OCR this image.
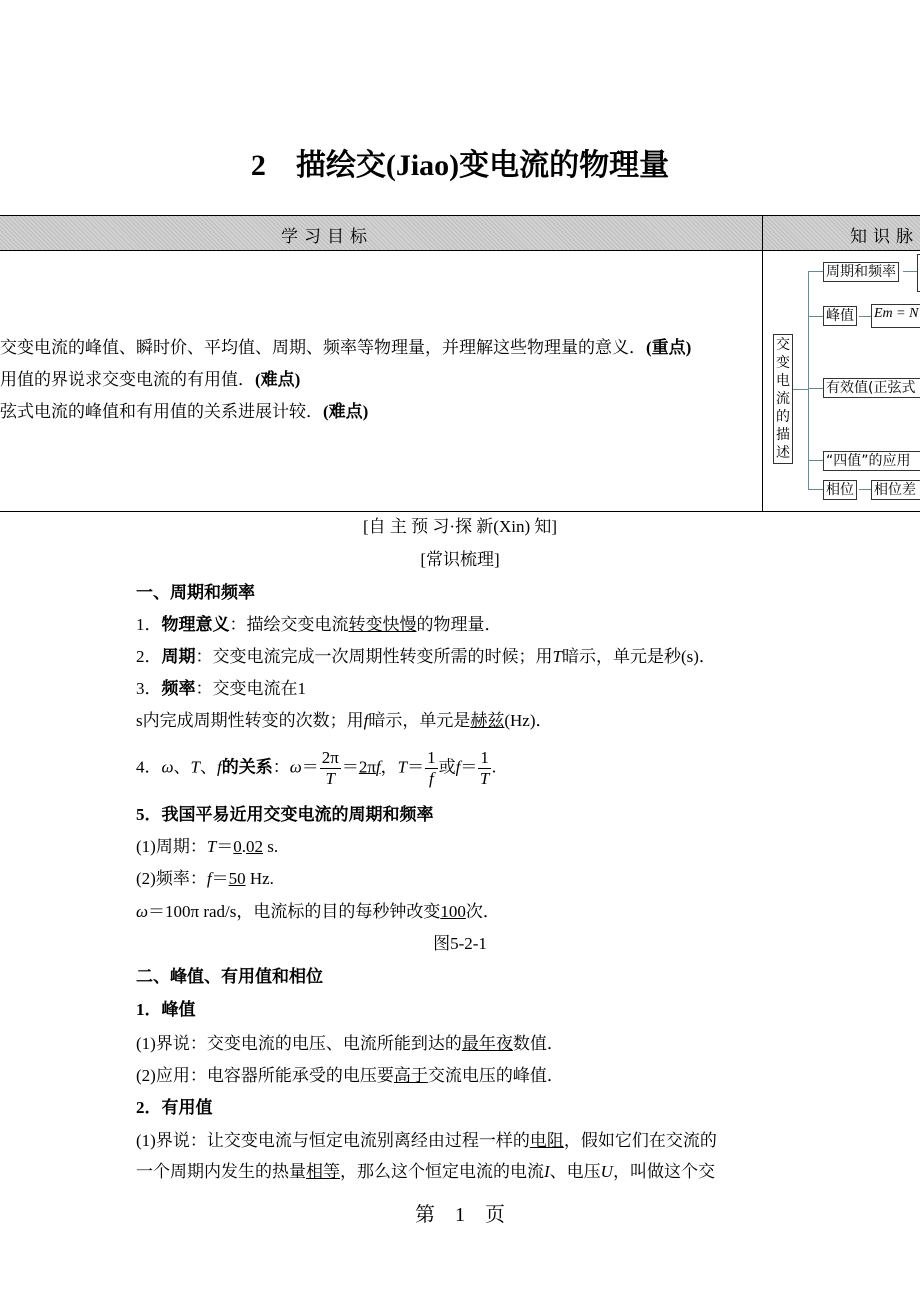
2　描绘交(Jiao)变电流的物理量
学习目标	知识脉
交变电流的峰值、瞬时价、平均值、周期、频率等物理量，并理解这些物理量的意义．(重点)
用值的界说求交变电流的有用值．(难点)
弦式电流的峰值和有用值的关系进展计较．(难点)
交变电流的描述
周期和频率
峰值 Em = N
有效值(正弦式
“四值”的应用
相位 相位差
[自 主 预 习·探 新(Xin) 知]
[常识梳理]
一、周期和频率
1．物理意义：描绘交变电流转变快慢的物理量．
2．周期：交变电流完成一次周期性转变所需的时候；用T暗示，单元是秒(s)．
3．频率：交变电流在1
s内完成周期性转变的次数；用f暗示，单元是赫兹(Hz)．
4．ω、T、f的关系：$\omega= \frac{2\pi}{T} =2\pi f$，$T= \frac{1}{f}$ 或$f= \frac{1}{T}$ .
5．我国平易近用交变电流的周期和频率
(1)周期：T＝0.02 s.
(2)频率：f＝50 Hz.
ω＝100π rad/s，电流标的目的每秒钟改变100次．
图5-2-1
二、峰值、有用值和相位
1．峰值
(1)界说：交变电流的电压、电流所能到达的最年夜数值．
(2)应用：电容器所能承受的电压要高于交流电压的峰值．
2．有用值
(1)界说：让交变电流与恒定电流别离经由过程一样的电阻，假如它们在交流的
一个周期内发生的热量相等，那么这个恒定电流的电流I、电压U，叫做这个交
第　1　页
